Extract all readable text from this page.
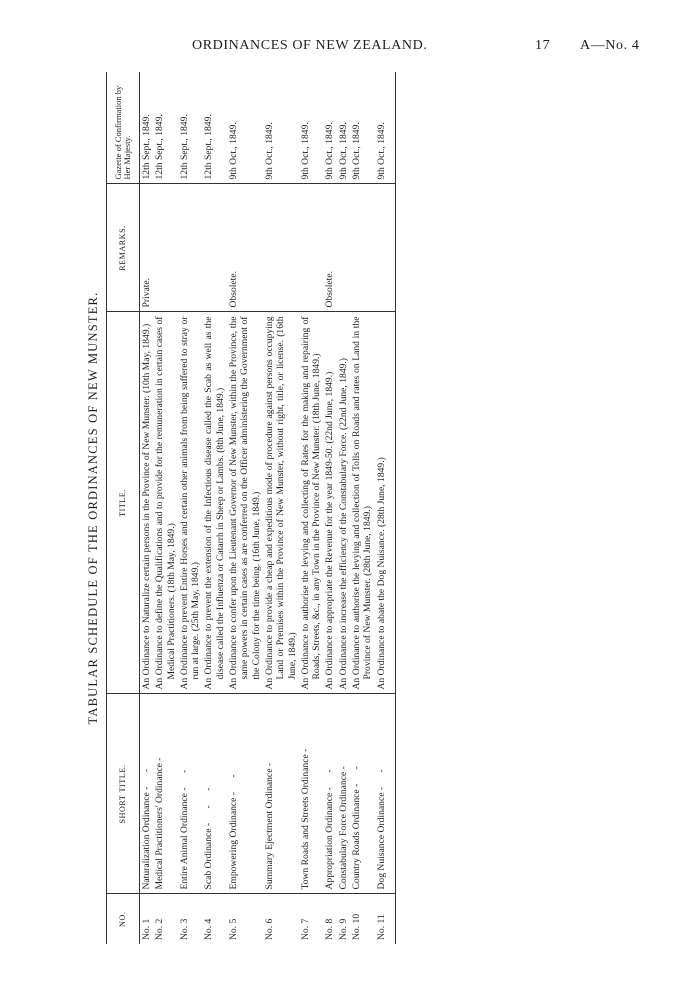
ORDINANCES OF NEW ZEALAND.	17 A—No. 4
TABULAR SCHEDULE OF THE ORDINANCES OF NEW MUNSTER.
NO.	SHORT TITLE.	TITLE.	REMARKS.	Gazette of Confirmation by Her Majesty.
No. 1	Naturalization Ordinance - -	An Ordinance to Naturalize certain persons in the Province of New Munster. (10th May, 1849.)	Private.	12th Sept., 1849.
No. 2	Medical Practitioners' Ordinance -	An Ordinance to define the Qualifications and to provide for the remuneration in certain cases of Medical Practitioners. (18th May, 1849.)		12th Sept., 1849.
No. 3	Entire Animal Ordinance - -	An Ordinance to prevent Entire Horses and certain other animals from being suffered to stray or run at large. (25th May, 1849.)		12th Sept., 1849.
No. 4	Scab Ordinance - - -	An Ordinance to prevent the extension of the Infectious disease called the Scab as well as the disease called the Influenza or Catarrh in Sheep or Lambs. (8th June, 1849.)		12th Sept., 1849.
No. 5	Empowering Ordinance - -	An Ordinance to confer upon the Lieutenant Governor of New Munster, within the Province, the same powers in certain cases as are conferred on the Officer administering the Government of the Colony for the time being. (16th June, 1849.)	Obsolete.	9th Oct., 1849.
No. 6	Summary Ejectment Ordinance -	An Ordinance to provide a cheap and expeditious mode of procedure against persons occupying Land or Premises within the Province of New Munster, without right, title, or license. (16th June, 1849.)		9th Oct., 1849.
No. 7	Town Roads and Streets Ordinance -	An Ordinance to authorise the levying and collecting of Rates for the making and repairing of Roads, Streets, &c., in any Town in the Province of New Munster. (18th June, 1849.)		9th Oct., 1849.
No. 8	Appropriation Ordinance - -	An Ordinance to appropriate the Revenue for the year 1849-50. (22nd June, 1849.)	Obsolete.	9th Oct., 1849.
No. 9	Constabulary Force Ordinance -	An Ordinance to increase the efficiency of the Constabulary Force. (22nd June, 1849.)		9th Oct., 1849.
No. 10	Country Roads Ordinance - -	An Ordinance to authorise the levying and collection of Tolls on Roads and rates on Land in the Province of New Munster. (28th June, 1849.)		9th Oct., 1849.
No. 11	Dog Nuisance Ordinance - -	An Ordinance to abate the Dog Nuisance. (28th June, 1849.)		9th Oct., 1849.
